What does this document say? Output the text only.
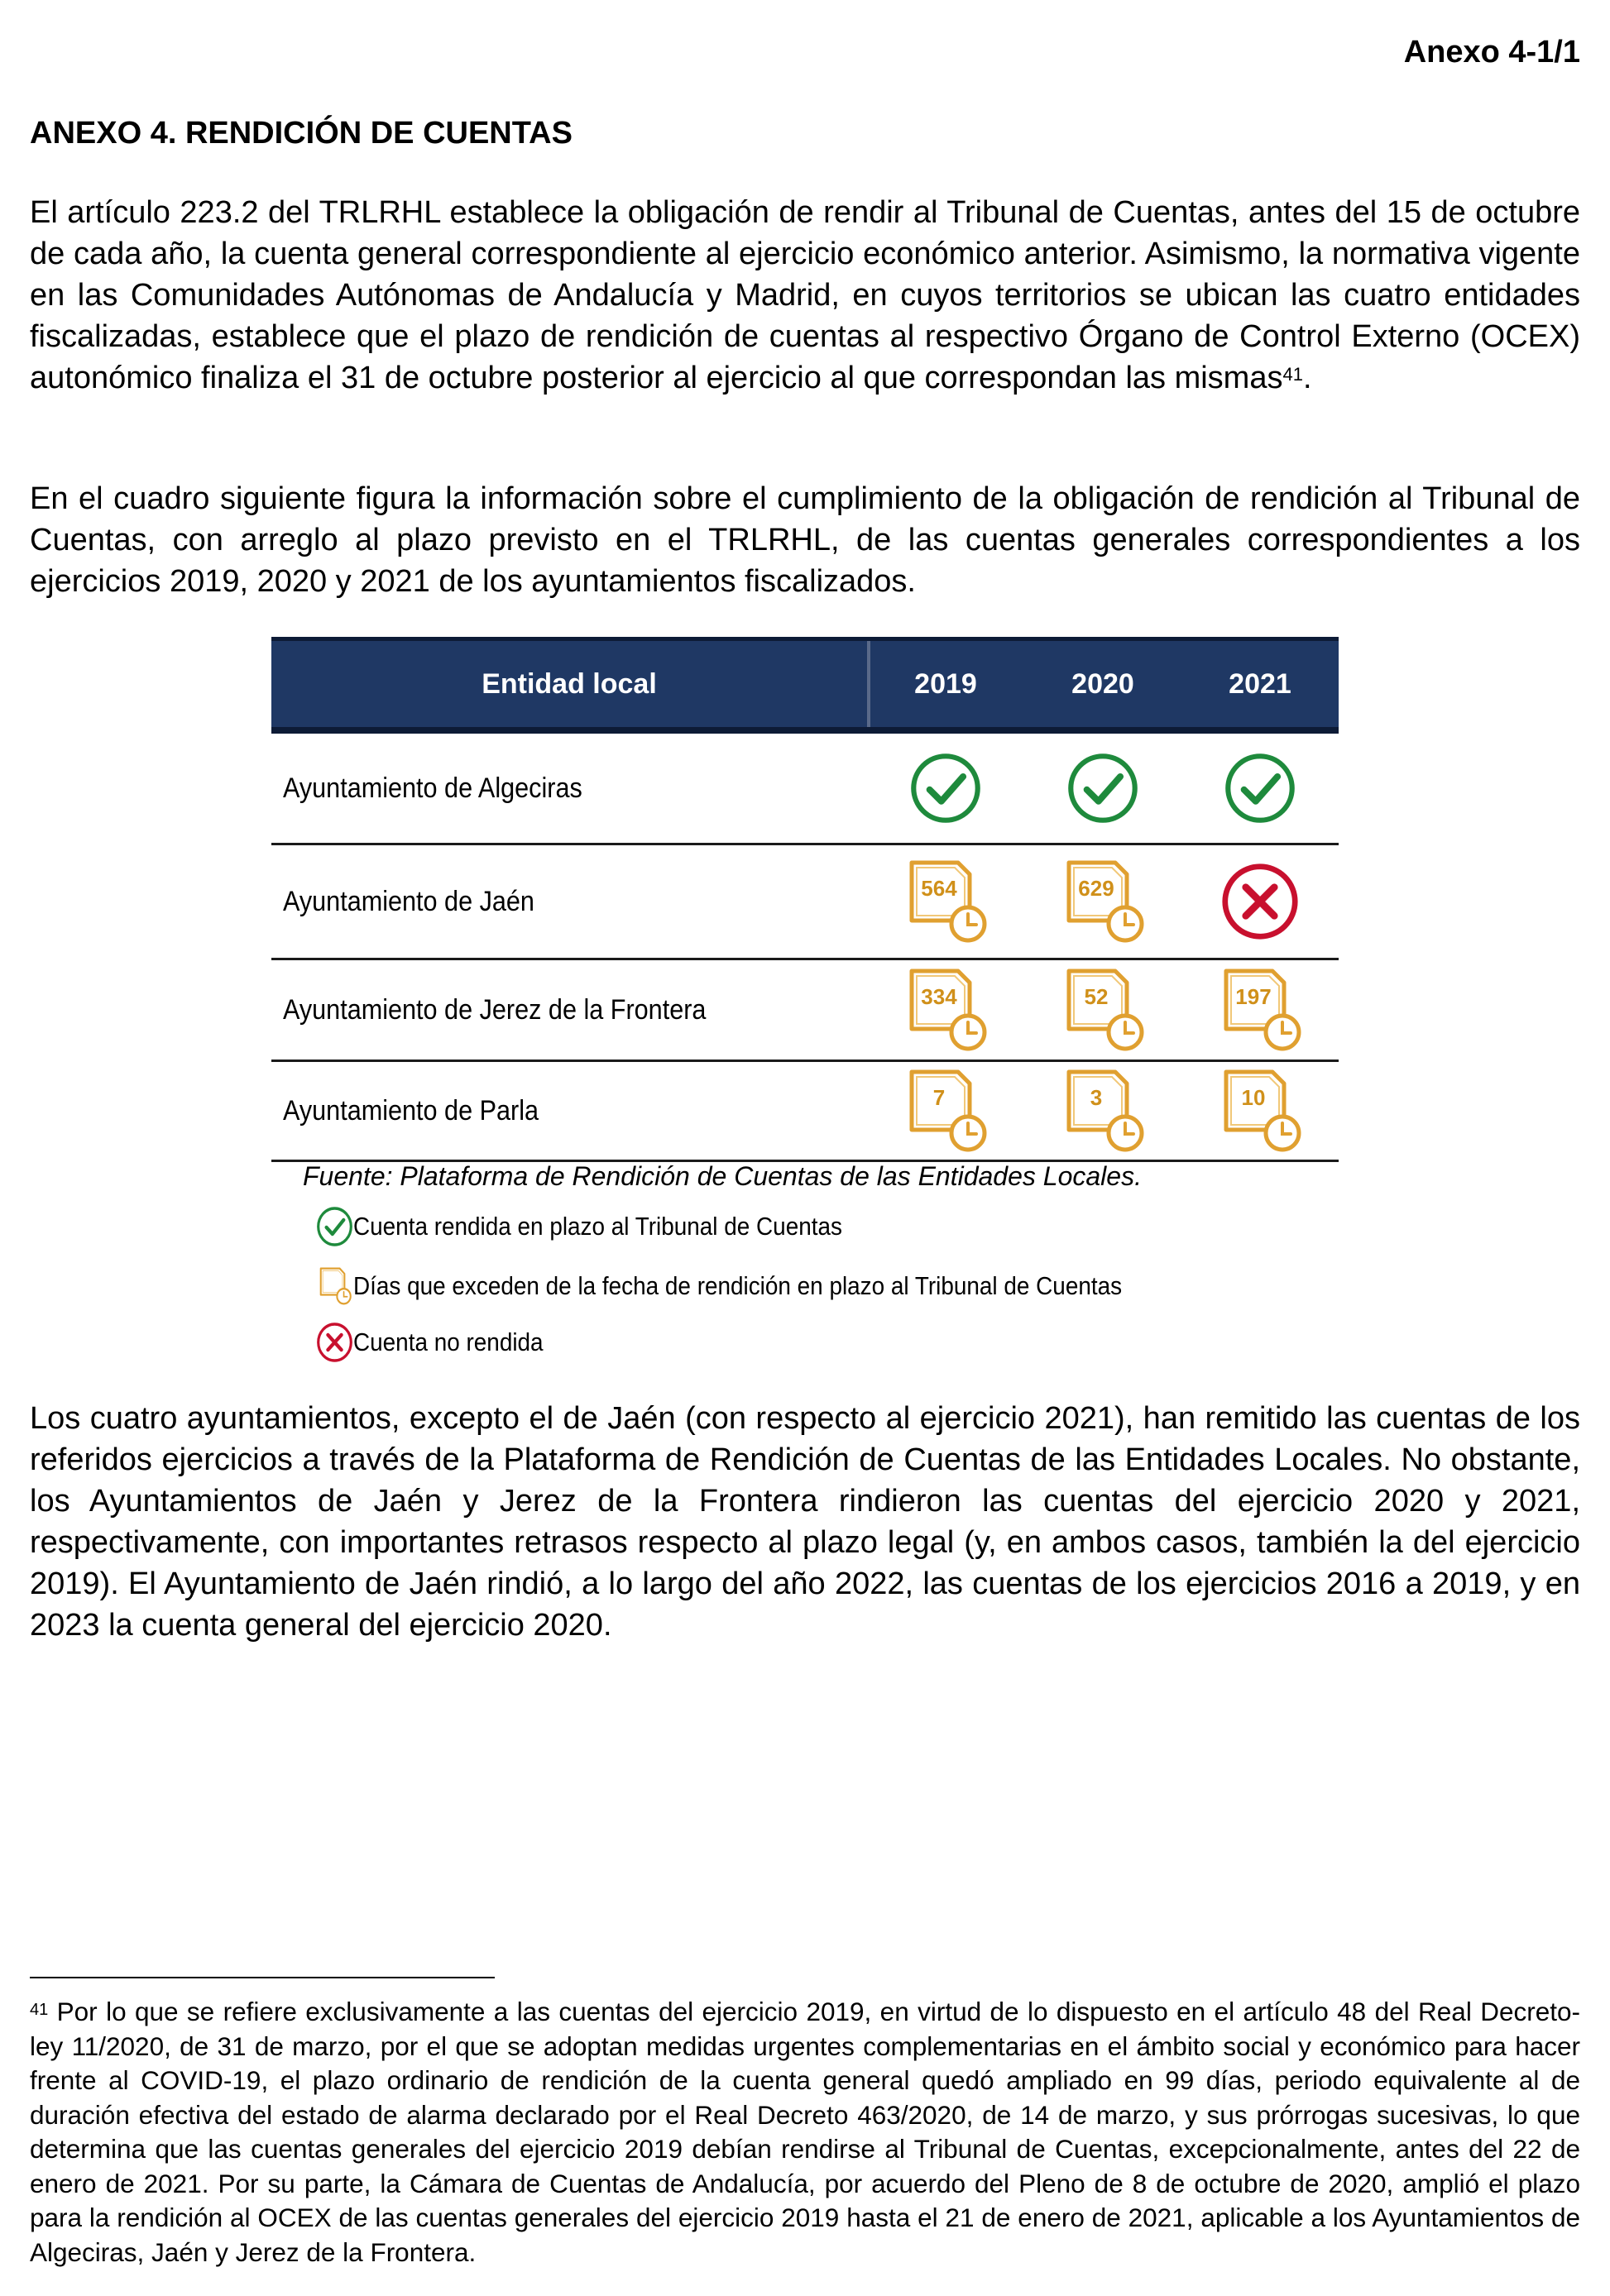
Anexo 4-1/1
ANEXO 4. RENDICIÓN DE CUENTAS

El artículo 223.2 del TRLRHL establece la obligación de rendir al Tribunal de Cuentas, antes del 15 de octubre de cada año, la cuenta general correspondiente al ejercicio económico anterior. Asimismo, la normativa vigente en las Comunidades Autónomas de Andalucía y Madrid, en cuyos territorios se ubican las cuatro entidades fiscalizadas, establece que el plazo de rendición de cuentas al respectivo Órgano de Control Externo (OCEX) autonómico finaliza el 31 de octubre posterior al ejercicio al que correspondan las mismas$^{41}$.

En el cuadro siguiente figura la información sobre el cumplimiento de la obligación de rendición al Tribunal de Cuentas, con arreglo al plazo previsto en el TRLRHL, de las cuentas generales correspondientes a los ejercicios 2019, 2020 y 2021 de los ayuntamientos fiscalizados.

Entidad local	2019	2020	2021
Ayuntamiento de Algeciras
Ayuntamiento de Jaén	564	629
Ayuntamiento de Jerez de la Frontera	334	52	197
Ayuntamiento de Parla	7	3	10
Fuente: Plataforma de Rendición de Cuentas de las Entidades Locales.
Cuenta rendida en plazo al Tribunal de Cuentas
Días que exceden de la fecha de rendición en plazo al Tribunal de Cuentas
Cuenta no rendida

Los cuatro ayuntamientos, excepto el de Jaén (con respecto al ejercicio 2021), han remitido las cuentas de los referidos ejercicios a través de la Plataforma de Rendición de Cuentas de las Entidades Locales. No obstante, los Ayuntamientos de Jaén y Jerez de la Frontera rindieron las cuentas del ejercicio 2020 y 2021, respectivamente, con importantes retrasos respecto al plazo legal (y, en ambos casos, también la del ejercicio 2019). El Ayuntamiento de Jaén rindió, a lo largo del año 2022, las cuentas de los ejercicios 2016 a 2019, y en 2023 la cuenta general del ejercicio 2020.

$^{41}$ Por lo que se refiere exclusivamente a las cuentas del ejercicio 2019, en virtud de lo dispuesto en el artículo 48 del Real Decreto-ley 11/2020, de 31 de marzo, por el que se adoptan medidas urgentes complementarias en el ámbito social y económico para hacer frente al COVID-19, el plazo ordinario de rendición de la cuenta general quedó ampliado en 99 días, periodo equivalente al de duración efectiva del estado de alarma declarado por el Real Decreto 463/2020, de 14 de marzo, y sus prórrogas sucesivas, lo que determina que las cuentas generales del ejercicio 2019 debían rendirse al Tribunal de Cuentas, excepcionalmente, antes del 22 de enero de 2021. Por su parte, la Cámara de Cuentas de Andalucía, por acuerdo del Pleno de 8 de octubre de 2020, amplió el plazo para la rendición al OCEX de las cuentas generales del ejercicio 2019 hasta el 21 de enero de 2021, aplicable a los Ayuntamientos de Algeciras, Jaén y Jerez de la Frontera.
